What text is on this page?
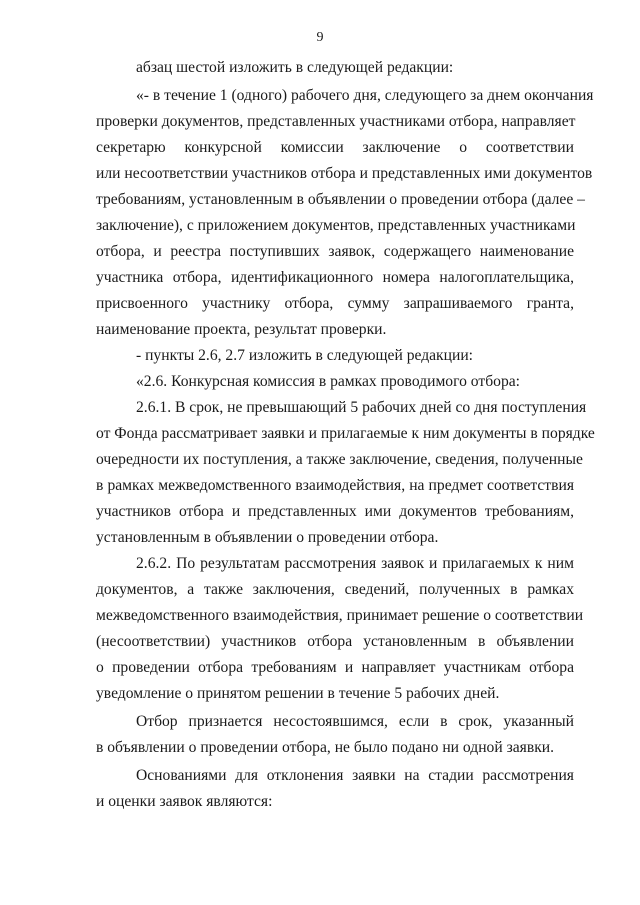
9
абзац шестой изложить в следующей редакции:
«- в течение 1 (одного) рабочего дня, следующего за днем окончания
проверки документов, представленных участниками отбора, направляет
секретарю конкурсной комиссии заключение о соответствии
или несоответствии участников отбора и представленных ими документов
требованиям, установленным в объявлении о проведении отбора (далее –
заключение), с приложением документов, представленных участниками
отбора, и реестра поступивших заявок, содержащего наименование
участника отбора, идентификационного номера налогоплательщика,
присвоенного участнику отбора, сумму запрашиваемого гранта,
наименование проекта, результат проверки.
- пункты 2.6, 2.7 изложить в следующей редакции:
«2.6. Конкурсная комиссия в рамках проводимого отбора:
2.6.1. В срок, не превышающий 5 рабочих дней со дня поступления
от Фонда рассматривает заявки и прилагаемые к ним документы в порядке
очередности их поступления, а также заключение, сведения, полученные
в рамках межведомственного взаимодействия, на предмет соответствия
участников отбора и представленных ими документов требованиям,
установленным в объявлении о проведении отбора.
2.6.2. По результатам рассмотрения заявок и прилагаемых к ним
документов, а также заключения, сведений, полученных в рамках
межведомственного взаимодействия, принимает решение о соответствии
(несоответствии) участников отбора установленным в объявлении
о проведении отбора требованиям и направляет участникам отбора
уведомление о принятом решении в течение 5 рабочих дней.
Отбор признается несостоявшимся, если в срок, указанный
в объявлении о проведении отбора, не было подано ни одной заявки.
Основаниями для отклонения заявки на стадии рассмотрения
и оценки заявок являются:
